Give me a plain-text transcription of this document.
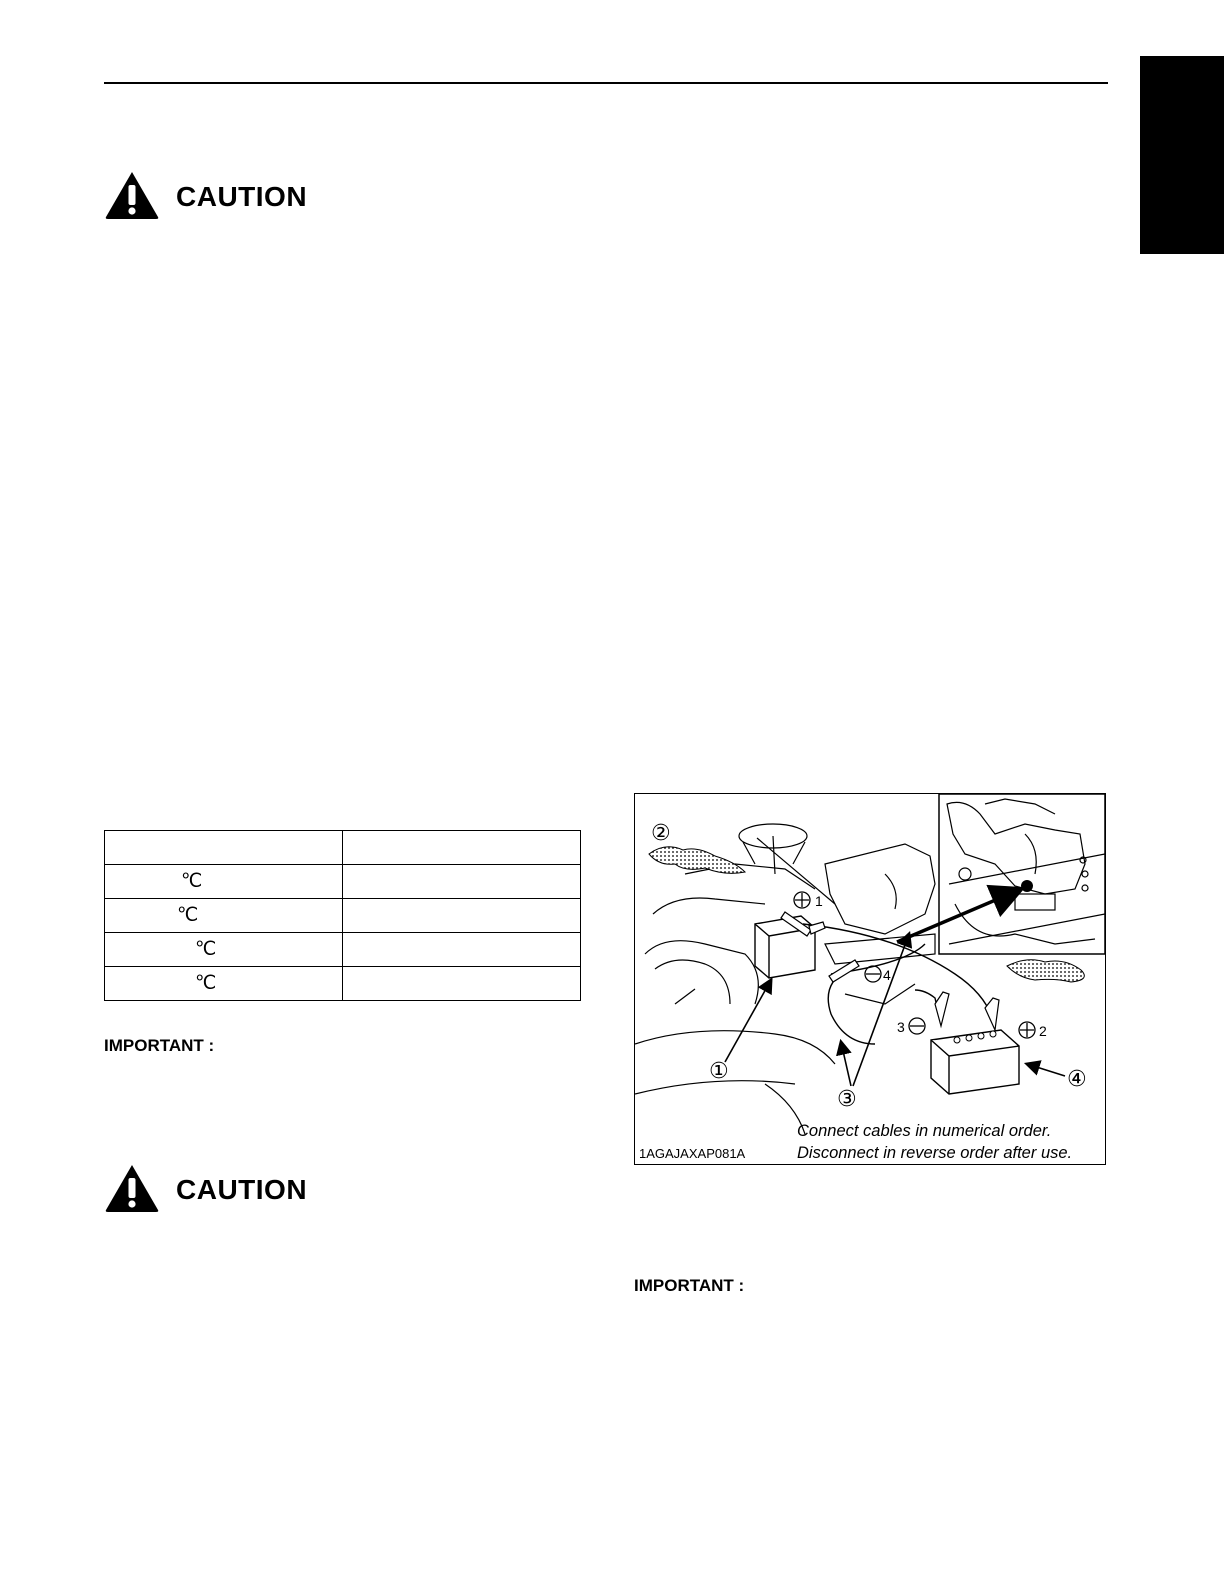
CAUTION

℃	
℃	
℃	
℃	
IMPORTANT :
CAUTION
1
4
3	2
①
②
③
④
1AGAJAXAP081A
Connect cables in numerical order.
Disconnect in reverse order after use.
IMPORTANT :
